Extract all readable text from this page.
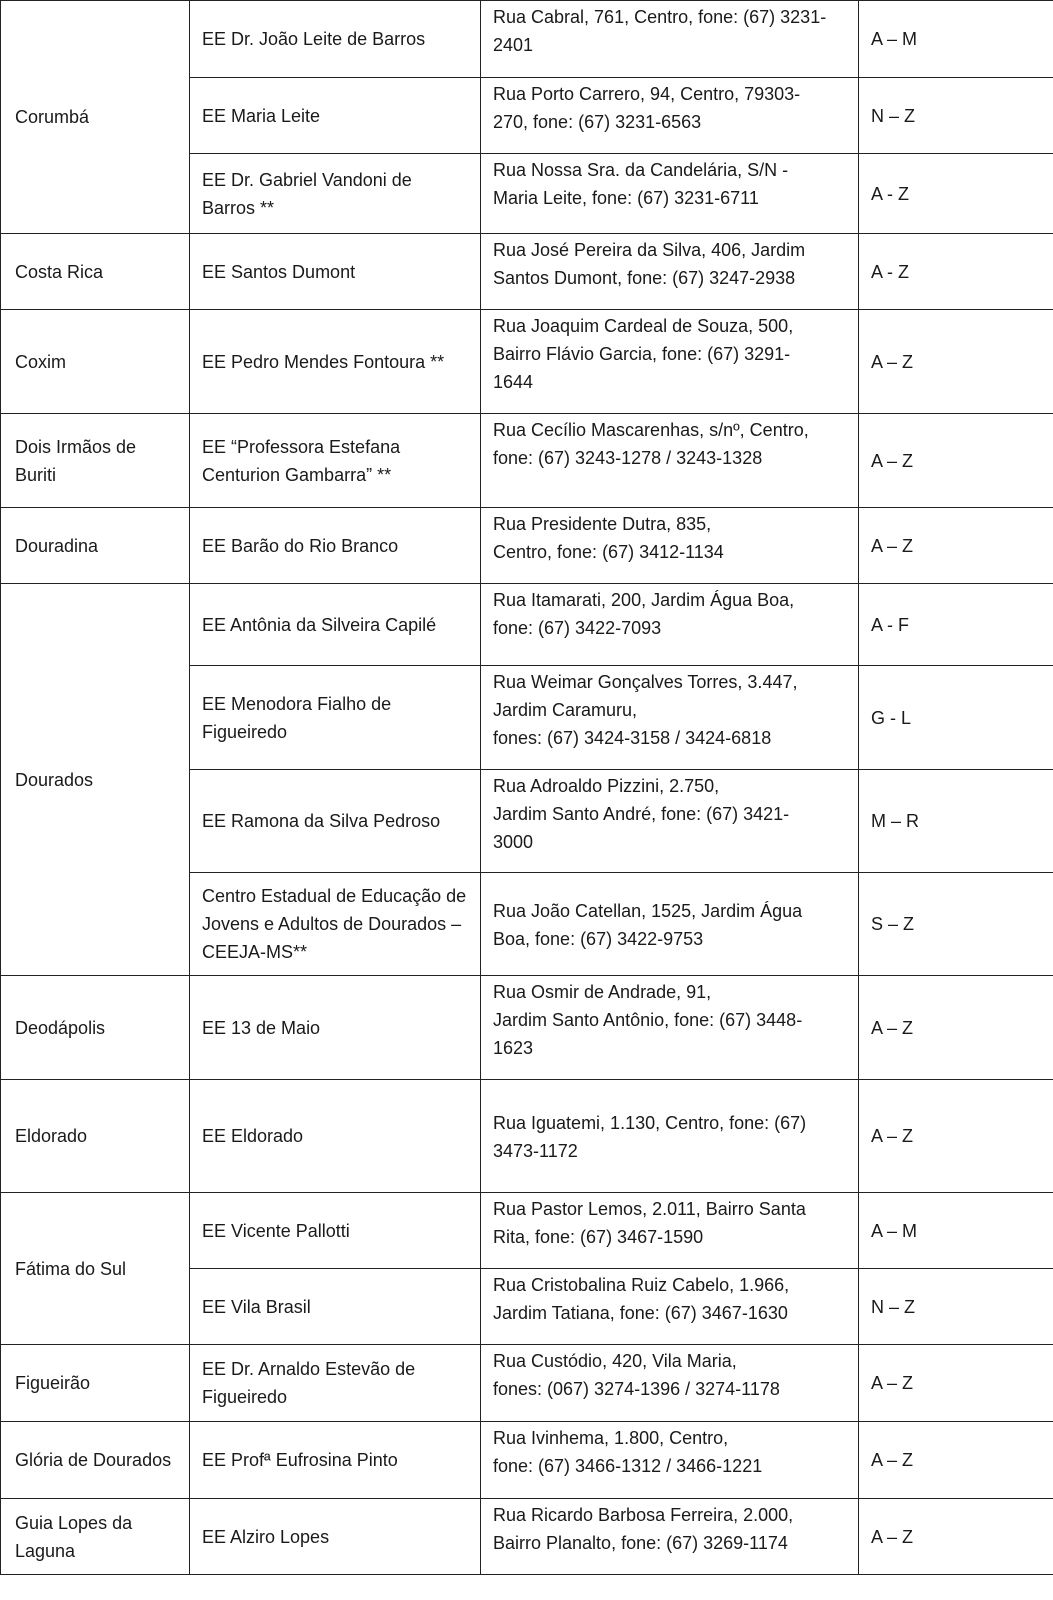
Corumbá	EE Dr. João Leite de Barros	Rua Cabral, 761, Centro, fone: (67) 3231-
2401	A – M
	EE Maria Leite	Rua Porto Carrero, 94, Centro, 79303-
270, fone: (67) 3231-6563	N – Z
	EE Dr. Gabriel Vandoni de Barros **	Rua Nossa Sra. da Candelária, S/N -
Maria Leite, fone: (67) 3231-6711	A - Z
Costa Rica	EE Santos Dumont	Rua José Pereira da Silva, 406, Jardim
Santos Dumont, fone: (67) 3247-2938	A - Z
Coxim	EE Pedro Mendes Fontoura **	Rua Joaquim Cardeal de Souza, 500,
Bairro Flávio Garcia, fone: (67) 3291-
1644	A – Z
Dois Irmãos de Buriti	EE “Professora Estefana Centurion Gambarra” **	Rua Cecílio Mascarenhas, s/nº, Centro,
fone: (67) 3243-1278 / 3243-1328	A – Z
Douradina	EE Barão do Rio Branco	Rua Presidente Dutra, 835,
Centro, fone: (67) 3412-1134	A – Z
Dourados	EE Antônia da Silveira Capilé	Rua Itamarati, 200, Jardim Água Boa,
fone: (67) 3422-7093	A - F
	EE Menodora Fialho de Figueiredo	Rua Weimar Gonçalves Torres, 3.447,
Jardim Caramuru,
fones: (67) 3424-3158 / 3424-6818	G - L
	EE Ramona da Silva Pedroso	Rua Adroaldo Pizzini, 2.750,
Jardim Santo André, fone: (67) 3421-
3000	M – R
	Centro Estadual de Educação de Jovens e Adultos de Dourados – CEEJA-MS**	Rua João Catellan, 1525, Jardim Água
Boa, fone: (67) 3422-9753	S – Z
Deodápolis	EE 13 de Maio	Rua Osmir de Andrade, 91,
Jardim Santo Antônio, fone: (67) 3448-
1623	A – Z
Eldorado	EE Eldorado	Rua Iguatemi, 1.130, Centro, fone: (67)
3473-1172	A – Z
Fátima do Sul	EE Vicente Pallotti	Rua Pastor Lemos, 2.011, Bairro Santa
Rita, fone: (67) 3467-1590	A – M
	EE Vila Brasil	Rua Cristobalina Ruiz Cabelo, 1.966,
Jardim Tatiana, fone: (67) 3467-1630	N – Z
Figueirão	EE Dr. Arnaldo Estevão de Figueiredo	Rua Custódio, 420, Vila Maria,
fones: (067) 3274-1396 / 3274-1178	A – Z
Glória de Dourados	EE Profª Eufrosina Pinto	Rua Ivinhema, 1.800, Centro,
fone: (67) 3466-1312 / 3466-1221	A – Z
Guia Lopes da Laguna	EE Alziro Lopes	Rua Ricardo Barbosa Ferreira, 2.000,
Bairro Planalto, fone: (67) 3269-1174	A – Z
